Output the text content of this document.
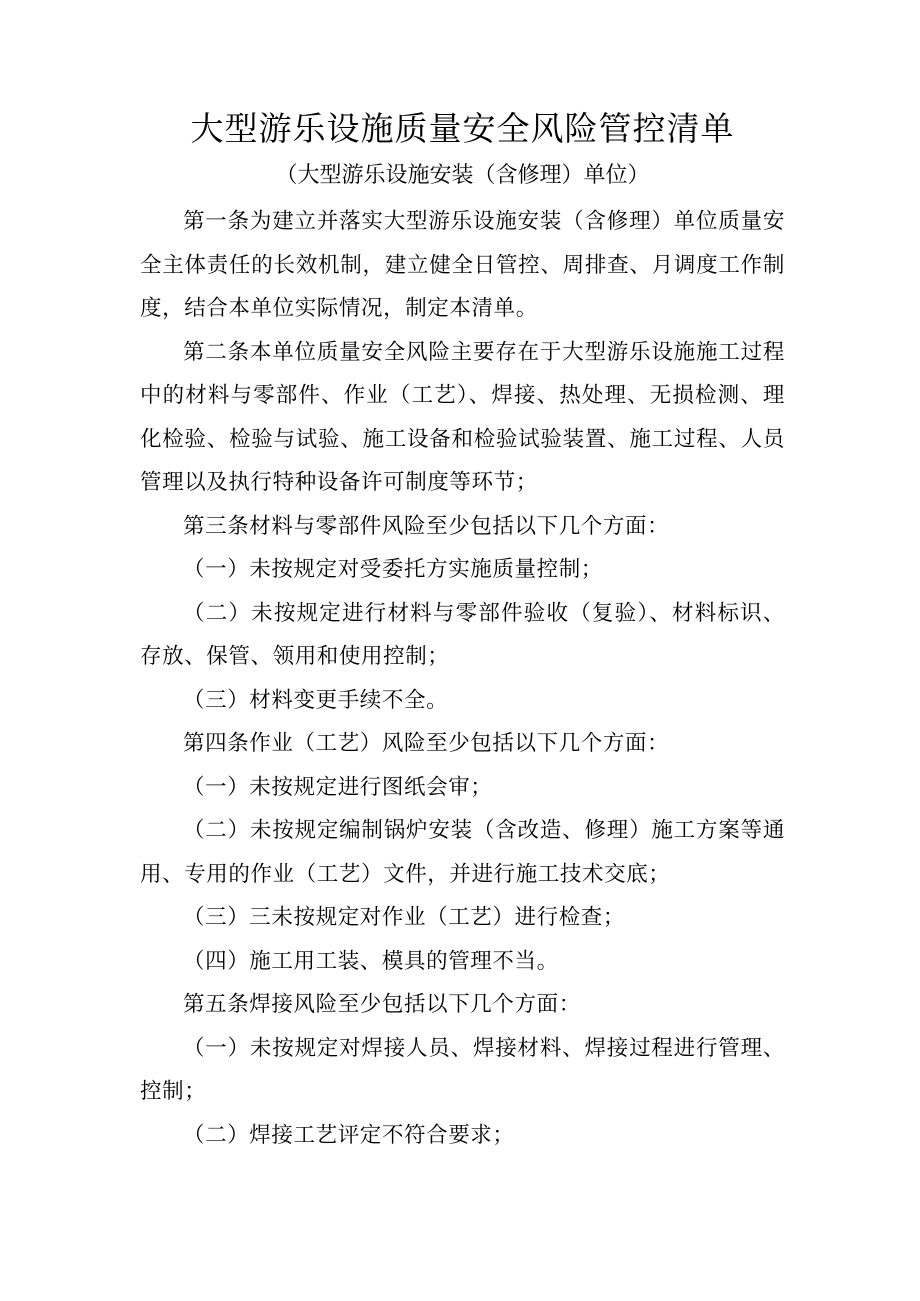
大型游乐设施质量安全风险管控清单
（大型游乐设施安装（含修理）单位）

第一条为建立并落实大型游乐设施安装（含修理）单位质量安全主体责任的长效机制，建立健全日管控、周排查、月调度工作制度，结合本单位实际情况，制定本清单。

第二条本单位质量安全风险主要存在于大型游乐设施施工过程中的材料与零部件、作业（工艺）、焊接、热处理、无损检测、理化检验、检验与试验、施工设备和检验试验装置、施工过程、人员管理以及执行特种设备许可制度等环节；

第三条材料与零部件风险至少包括以下几个方面：

（一）未按规定对受委托方实施质量控制；

（二）未按规定进行材料与零部件验收（复验）、材料标识、存放、保管、领用和使用控制；

（三）材料变更手续不全。

第四条作业（工艺）风险至少包括以下几个方面：

（一）未按规定进行图纸会审；

（二）未按规定编制锅炉安装（含改造、修理）施工方案等通用、专用的作业（工艺）文件，并进行施工技术交底；

（三）三未按规定对作业（工艺）进行检查；

（四）施工用工装、模具的管理不当。

第五条焊接风险至少包括以下几个方面：

（一）未按规定对焊接人员、焊接材料、焊接过程进行管理、控制；

（二）焊接工艺评定不符合要求；
